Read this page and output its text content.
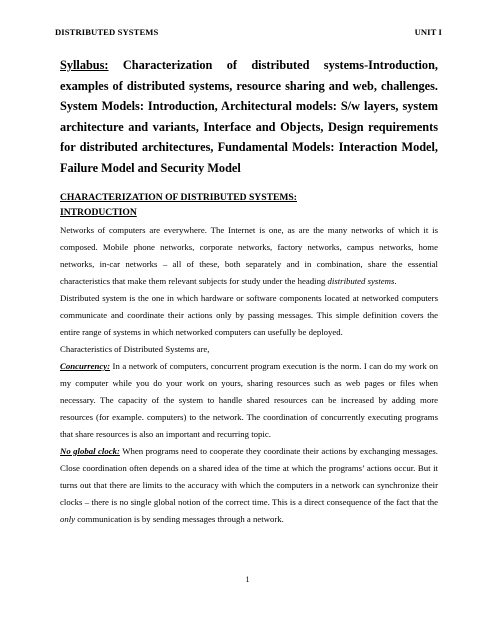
DISTRIBUTED SYSTEMS	UNIT I

Syllabus: Characterization of distributed systems-Introduction, examples of distributed systems, resource sharing and web, challenges. System Models: Introduction, Architectural models: S/w layers, system architecture and variants, Interface and Objects, Design requirements for distributed architectures, Fundamental Models: Interaction Model, Failure Model and Security Model

CHARACTERIZATION OF DISTRIBUTED SYSTEMS:

INTRODUCTION

Networks of computers are everywhere. The Internet is one, as are the many networks of which it is composed. Mobile phone networks, corporate networks, factory networks, campus networks, home networks, in-car networks – all of these, both separately and in combination, share the essential characteristics that make them relevant subjects for study under the heading distributed systems.

Distributed system is the one in which hardware or software components located at networked computers communicate and coordinate their actions only by passing messages. This simple definition covers the entire range of systems in which networked computers can usefully be deployed.

Characteristics of Distributed Systems are,

Concurrency: In a network of computers, concurrent program execution is the norm. I can do my work on my computer while you do your work on yours, sharing resources such as web pages or files when necessary. The capacity of the system to handle shared resources can be increased by adding more resources (for example. computers) to the network. The coordination of concurrently executing programs that share resources is also an important and recurring topic.

No global clock: When programs need to cooperate they coordinate their actions by exchanging messages. Close coordination often depends on a shared idea of the time at which the programs’ actions occur. But it turns out that there are limits to the accuracy with which the computers in a network can synchronize their clocks – there is no single global notion of the correct time. This is a direct consequence of the fact that the only communication is by sending messages through a network.

1
